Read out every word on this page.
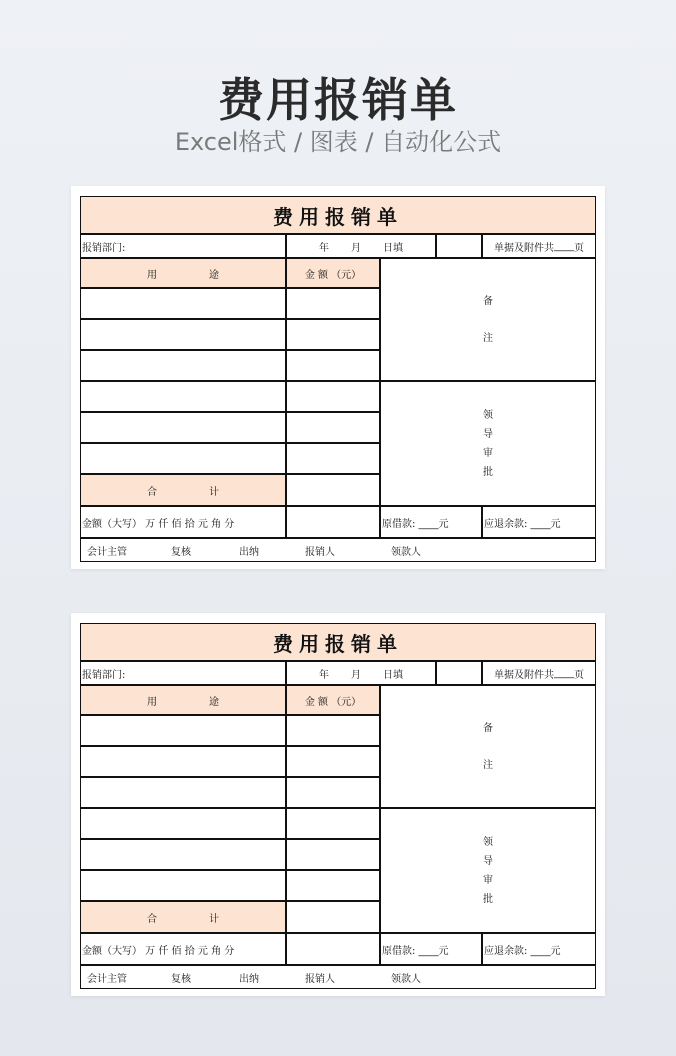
费用报销单
Excel格式 / 图表 / 自动化公式
费用报销单
报销部门:	年 月 日填	单据及附件共 ____ 页
用	途	金 额 （元）
备
注
领
导
审
批
合	计
金额（大写） 万 仟 佰 拾 元 角 分	原借款: ____元	应退余款: ____元
会计主管	复核	出纳	报销人	领款人
费用报销单
报销部门:	年 月 日填	单据及附件共 ____ 页
用	途	金 额 （元）
备
注
领
导
审
批
合	计
金额（大写） 万 仟 佰 拾 元 角 分	原借款: ____元	应退余款: ____元
会计主管	复核	出纳	报销人	领款人
